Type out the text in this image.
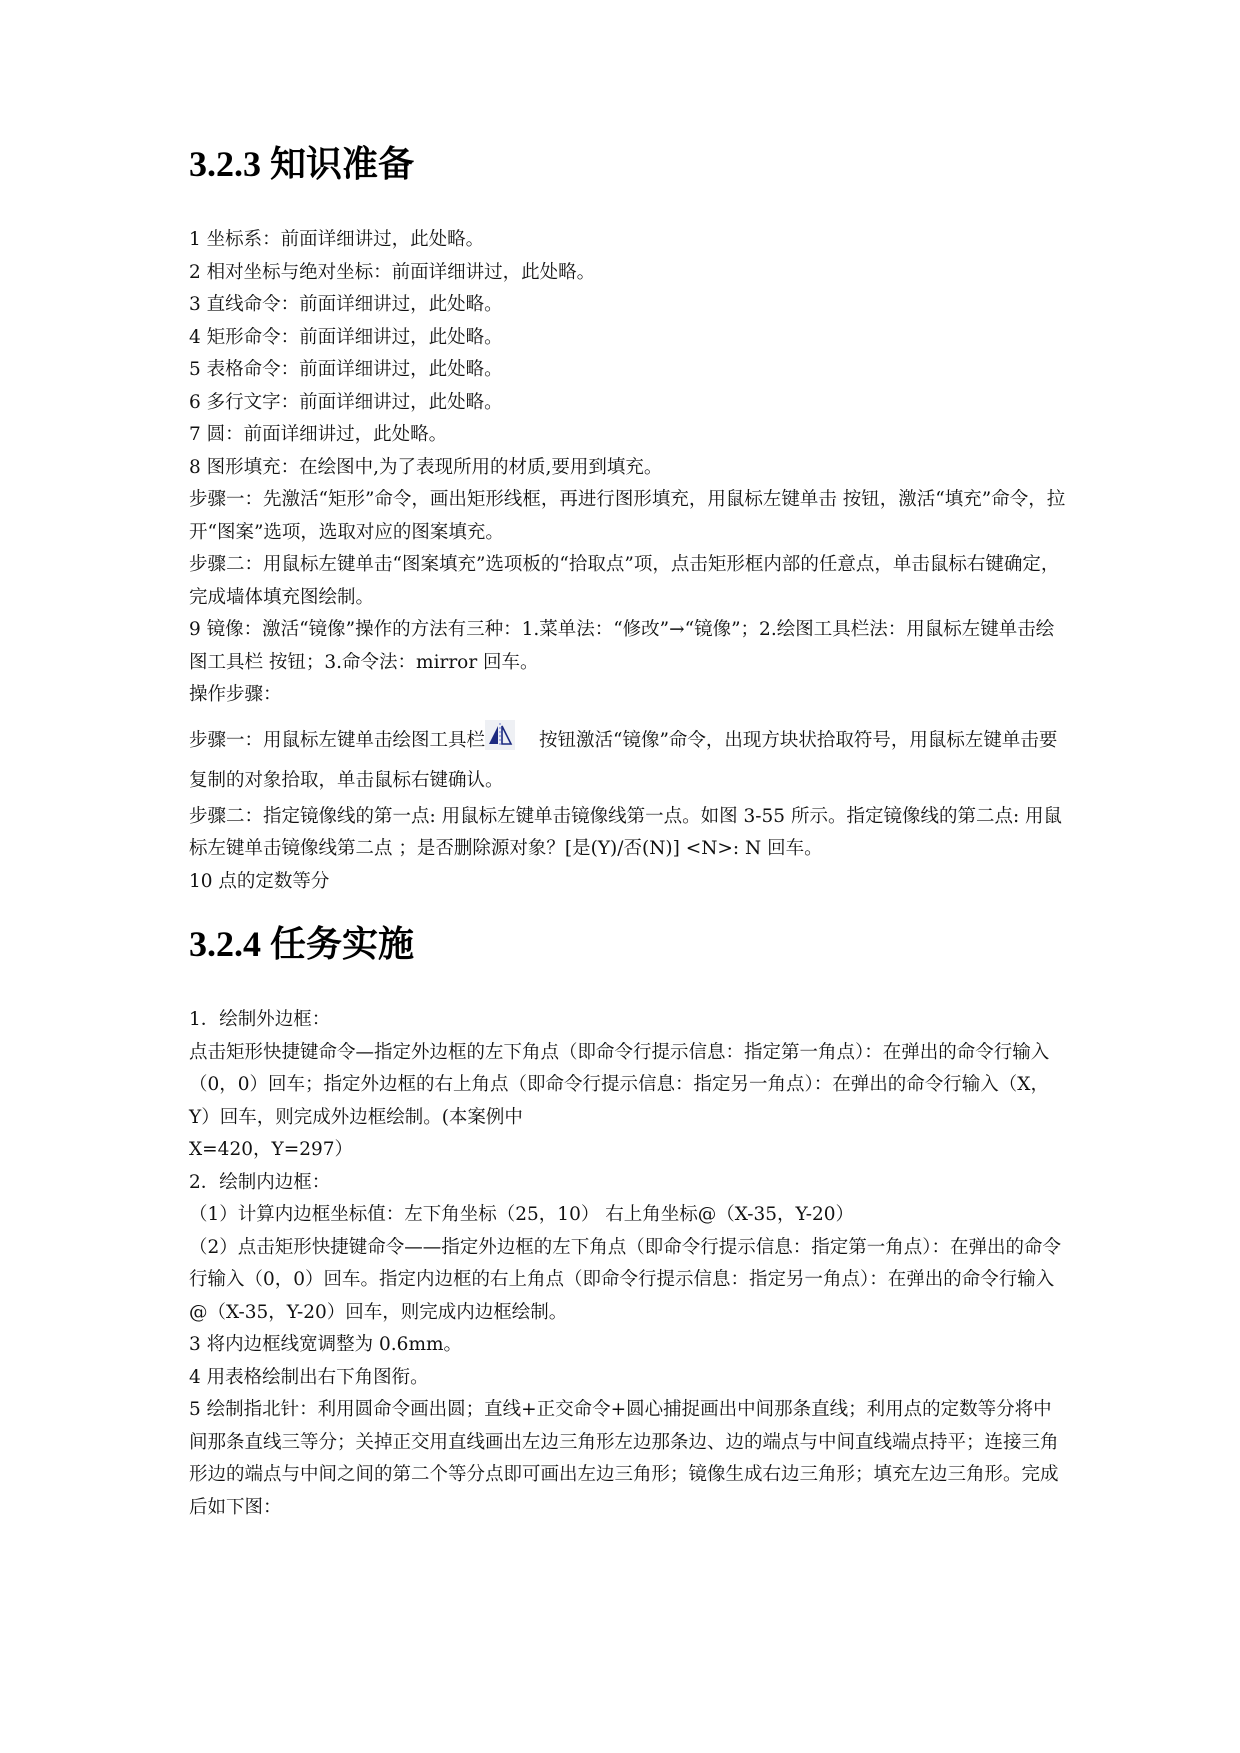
3.2.3 知识准备

1 坐标系：前面详细讲过，此处略。

2 相对坐标与绝对坐标：前面详细讲过，此处略。

3 直线命令：前面详细讲过，此处略。

4 矩形命令：前面详细讲过，此处略。

5 表格命令：前面详细讲过，此处略。

6 多行文字：前面详细讲过，此处略。

7 圆：前面详细讲过，此处略。

8 图形填充：在绘图中,为了表现所用的材质,要用到填充。

步骤一：先激活“矩形”命令，画出矩形线框，再进行图形填充，用鼠标左键单击 按钮，激活“填充”命令，拉开“图案”选项，选取对应的图案填充。

步骤二：用鼠标左键单击“图案填充”选项板的“拾取点”项，点击矩形框内部的任意点，单击鼠标右键确定，完成墙体填充图绘制。

9 镜像：激活“镜像”操作的方法有三种：1.菜单法：“修改”→“镜像”；2.绘图工具栏法：用鼠标左键单击绘图工具栏 按钮；3.命令法：mirror 回车。

操作步骤：

步骤一：用鼠标左键单击绘图工具栏	按钮激活“镜像”命令，出现方块状拾取符号，用鼠标左键单击要复制的对象拾取，单击鼠标右键确认。

步骤二：指定镜像线的第一点: 用鼠标左键单击镜像线第一点。如图 3-55 所示。指定镜像线的第二点: 用鼠标左键单击镜像线第二点 ；是否删除源对象？[是(Y)/否(N)] <N>: N 回车。

10 点的定数等分

3.2.4 任务实施

1．绘制外边框：

点击矩形快捷键命令—指定外边框的左下角点（即命令行提示信息：指定第一角点）：在弹出的命令行输入（0，0）回车；指定外边框的右上角点（即命令行提示信息：指定另一角点）：在弹出的命令行输入（X，Y）回车，则完成外边框绘制。(本案例中

X=420，Y=297）

2．绘制内边框：

（1）计算内边框坐标值：左下角坐标（25，10） 右上角坐标@（X-35，Y-20）

（2）点击矩形快捷键命令——指定外边框的左下角点（即命令行提示信息：指定第一角点）：在弹出的命令行输入（0，0）回车。指定内边框的右上角点（即命令行提示信息：指定另一角点）：在弹出的命令行输入@（X-35，Y-20）回车，则完成内边框绘制。

3 将内边框线宽调整为 0.6mm。

4 用表格绘制出右下角图衔。

5 绘制指北针：利用圆命令画出圆；直线+正交命令+圆心捕捉画出中间那条直线；利用点的定数等分将中间那条直线三等分；关掉正交用直线画出左边三角形左边那条边、边的端点与中间直线端点持平；连接三角形边的端点与中间之间的第二个等分点即可画出左边三角形；镜像生成右边三角形；填充左边三角形。完成后如下图：
